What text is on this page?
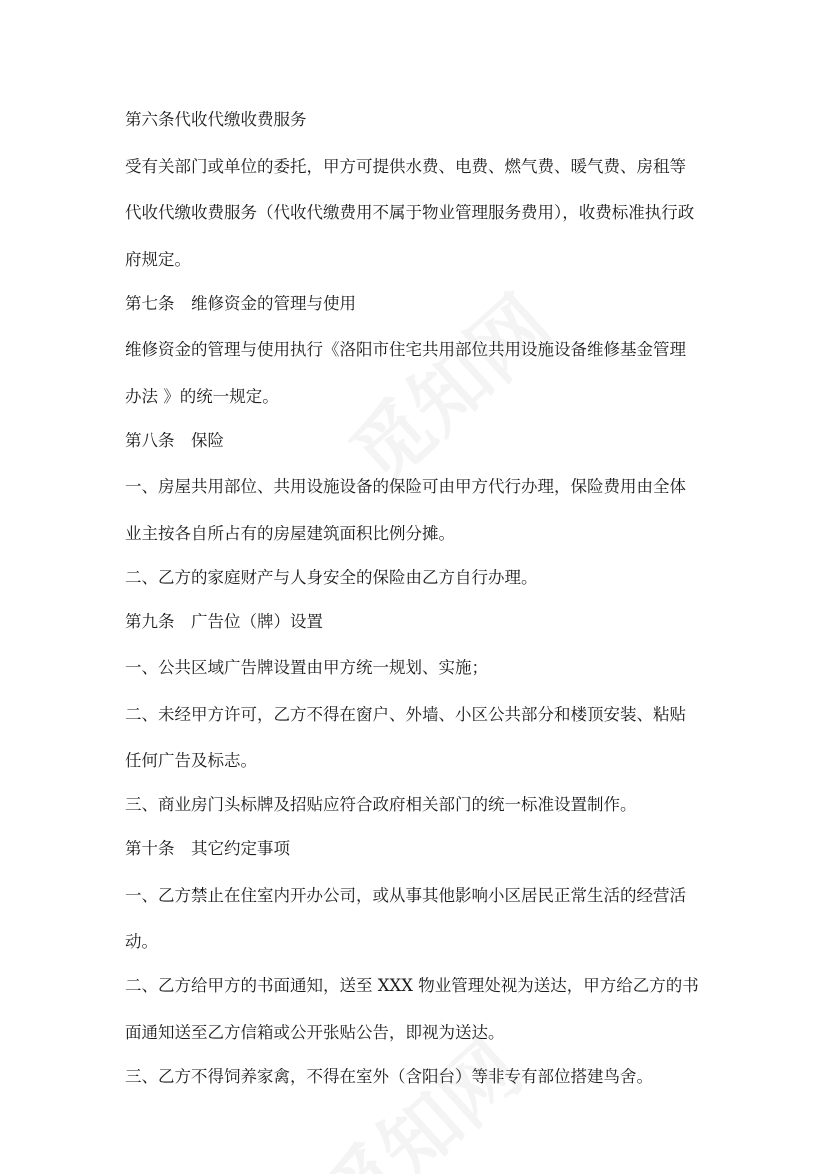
第六条代收代缴收费服务
受有关部门或单位的委托，甲方可提供水费、电费、燃气费、暖气费、房租等
代收代缴收费服务（代收代缴费用不属于物业管理服务费用），收费标准执行政
府规定。
第七条　维修资金的管理与使用
维修资金的管理与使用执行《洛阳市住宅共用部位共用设施设备维修基金管理
办法 》的统一规定。
第八条　保险
一、房屋共用部位、共用设施设备的保险可由甲方代行办理，保险费用由全体
业主按各自所占有的房屋建筑面积比例分摊。
二、乙方的家庭财产与人身安全的保险由乙方自行办理。
第九条　广告位（牌）设置
一、公共区域广告牌设置由甲方统一规划、实施；
二、未经甲方许可，乙方不得在窗户、外墙、小区公共部分和楼顶安装、粘贴
任何广告及标志。
三、商业房门头标牌及招贴应符合政府相关部门的统一标准设置制作。
第十条　其它约定事项
一、乙方禁止在住室内开办公司，或从事其他影响小区居民正常生活的经营活
动。
二、乙方给甲方的书面通知，送至 XXX 物业管理处视为送达，甲方给乙方的书
面通知送至乙方信箱或公开张贴公告，即视为送达。
三、乙方不得饲养家禽，不得在室外（含阳台）等非专有部位搭建鸟舍。
